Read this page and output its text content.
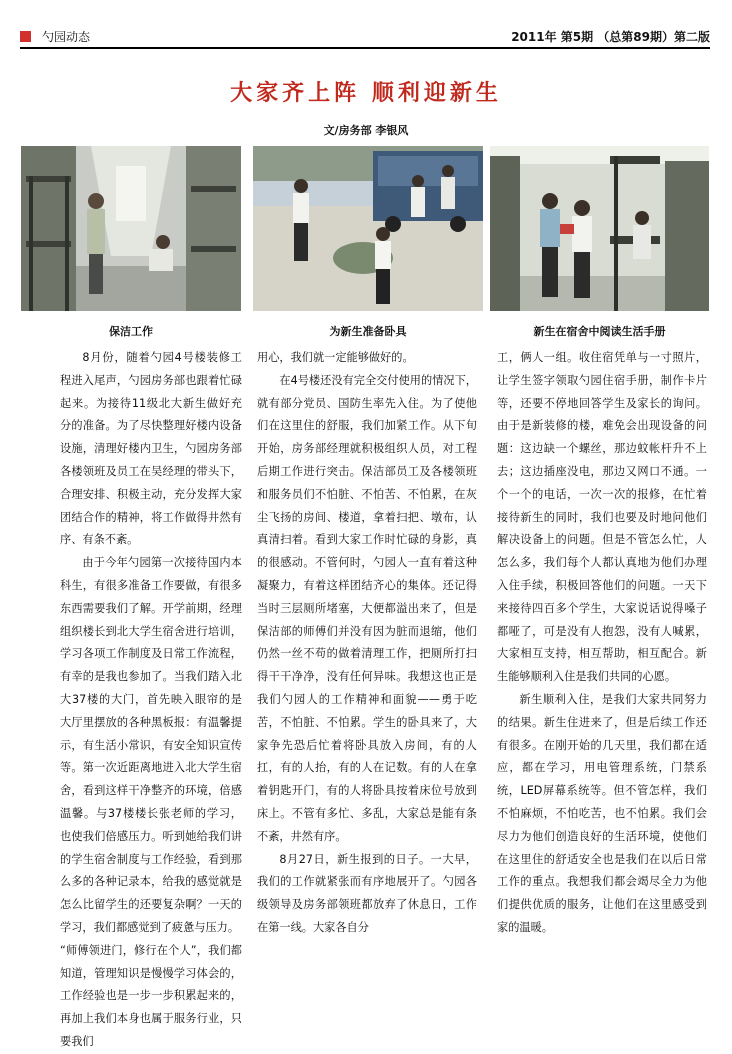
勺园动态	2011年 第5期 （总第89期）第二版
大家齐上阵 顺利迎新生
文/房务部 李银风
保洁工作	为新生准备卧具	新生在宿舍中阅读生活手册

8月份，随着勺园4号楼装修工程进入尾声，勺园房务部也跟着忙碌起来。为接待11级北大新生做好充分的准备。为了尽快整理好楼内设备设施，清理好楼内卫生，勺园房务部各楼领班及员工在吴经理的带头下，合理安排、积极主动，充分发挥大家团结合作的精神，将工作做得井然有序、有条不紊。

由于今年勺园第一次接待国内本科生，有很多准备工作要做，有很多东西需要我们了解。开学前期，经理组织楼长到北大学生宿舍进行培训，学习各项工作制度及日常工作流程，有幸的是我也参加了。当我们踏入北大37楼的大门，首先映入眼帘的是大厅里摆放的各种黑板报：有温馨提示，有生活小常识，有安全知识宣传等。第一次近距离地进入北大学生宿舍，看到这样干净整齐的环境，倍感温馨。与37楼楼长张老师的学习，也使我们倍感压力。听到她给我们讲的学生宿舍制度与工作经验，看到那么多的各种记录本，给我的感觉就是怎么比留学生的还要复杂啊？一天的学习，我们都感觉到了疲惫与压力。

“师傅领进门，修行在个人”，我们都知道，管理知识是慢慢学习体会的，工作经验也是一步一步积累起来的，再加上我们本身也属于服务行业，只要我们

用心，我们就一定能够做好的。

在4号楼还没有完全交付使用的情况下，就有部分党员、国防生率先入住。为了使他们在这里住的舒服，我们加紧工作。从下旬开始，房务部经理就积极组织人员，对工程后期工作进行突击。保洁部员工及各楼领班和服务员们不怕脏、不怕苦、不怕累，在灰尘飞扬的房间、楼道，拿着扫把、墩布，认真清扫着。看到大家工作时忙碌的身影，真的很感动。不管何时，勺园人一直有着这种凝聚力，有着这样团结齐心的集体。还记得当时三层厕所堵塞，大便都溢出来了，但是保洁部的师傅们并没有因为脏而退缩，他们仍然一丝不苟的做着清理工作，把厕所打扫得干干净净，没有任何异味。我想这也正是我们勺园人的工作精神和面貌——勇于吃苦，不怕脏、不怕累。学生的卧具来了，大家争先恐后忙着将卧具放入房间，有的人扛，有的人抬，有的人在记数。有的人在拿着钥匙开门，有的人将卧具按着床位号放到床上。不管有多忙、多乱，大家总是能有条不紊，井然有序。

8月27日，新生报到的日子。一大早，我们的工作就紧张而有序地展开了。勺园各级领导及房务部领班都放弃了休息日，工作在第一线。大家各自分

工，俩人一组。收住宿凭单与一寸照片，让学生签字领取勺园住宿手册，制作卡片等，还要不停地回答学生及家长的询问。由于是新装修的楼，难免会出现设备的问题：这边缺一个螺丝，那边蚊帐杆升不上去；这边插座没电，那边又网口不通。一个一个的电话，一次一次的报修，在忙着接待新生的同时，我们也要及时地问他们解决设备上的问题。但是不管怎么忙，人怎么多，我们每个人都认真地为他们办理入住手续，积极回答他们的问题。一天下来接待四百多个学生，大家说话说得嗓子都哑了，可是没有人抱怨，没有人喊累，大家相互支持，相互帮助，相互配合。新生能够顺利入住是我们共同的心愿。

新生顺利入住，是我们大家共同努力的结果。新生住进来了，但是后续工作还有很多。在刚开始的几天里，我们都在适应，都在学习，用电管理系统，门禁系统，LED屏幕系统等。但不管怎样，我们不怕麻烦，不怕吃苦，也不怕累。我们会尽力为他们创造良好的生活环境，使他们在这里住的舒适安全也是我们在以后日常工作的重点。我想我们都会竭尽全力为他们提供优质的服务，让他们在这里感受到家的温暖。
